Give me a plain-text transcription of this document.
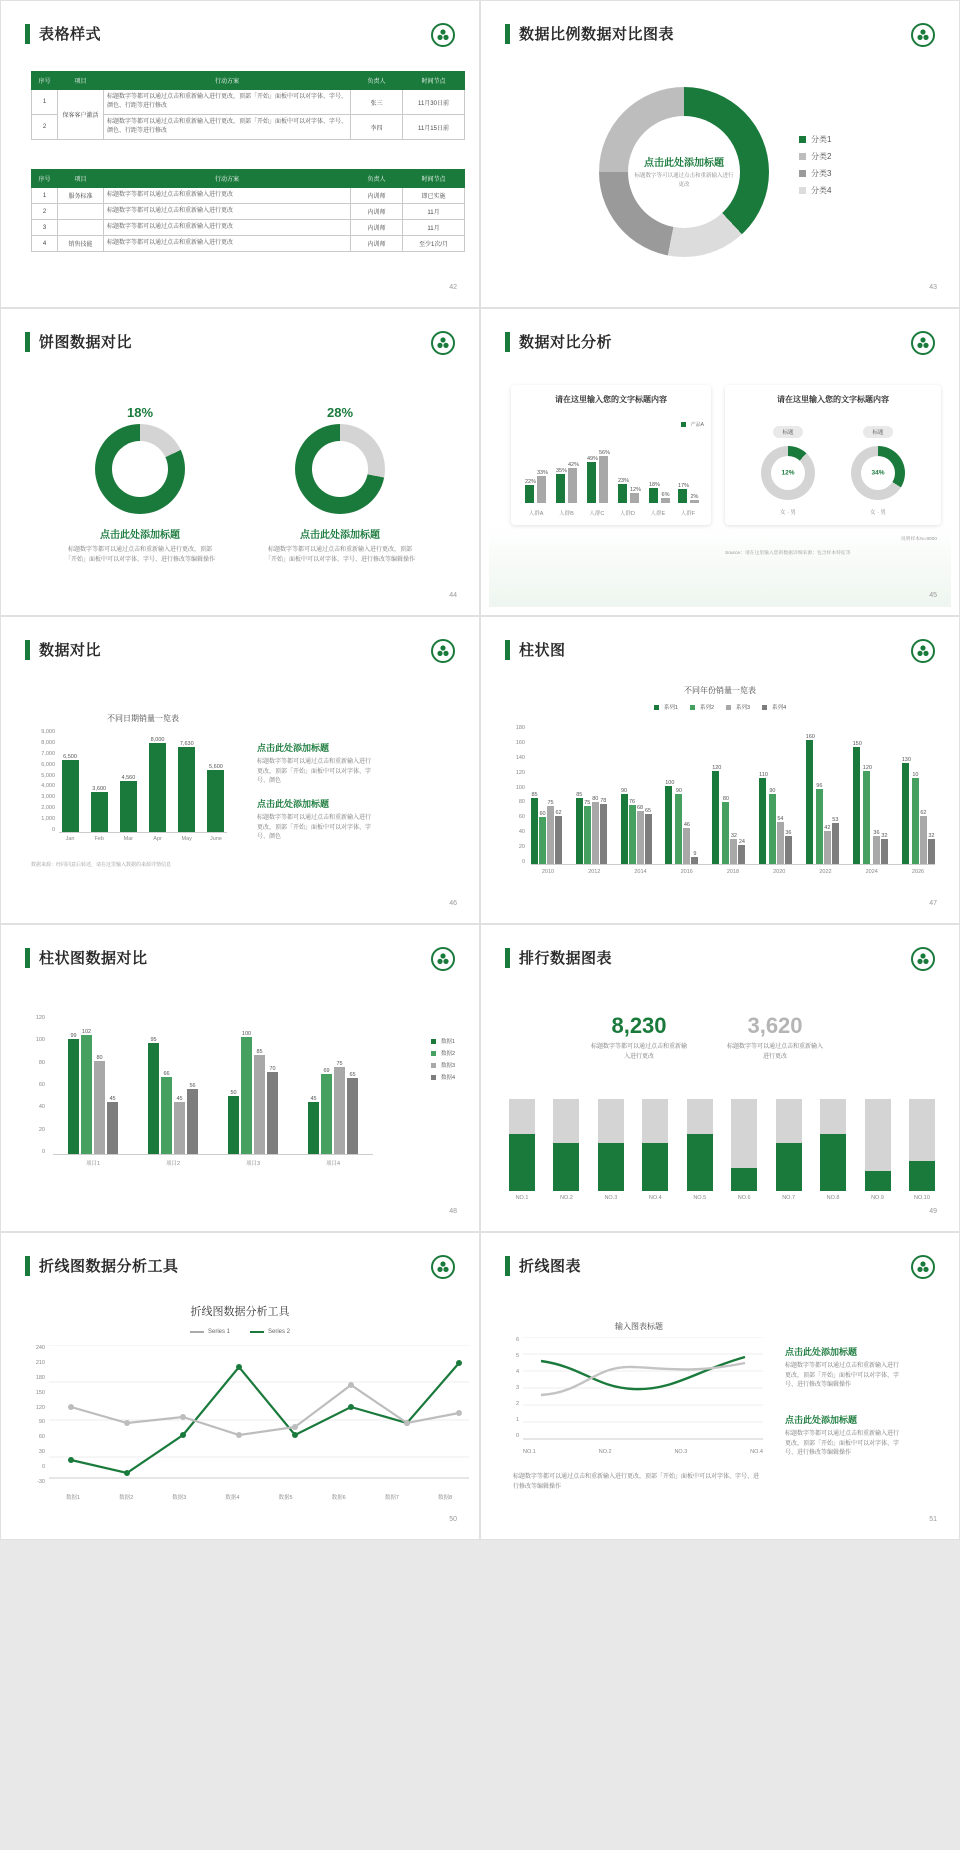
表格样式
序号	项目	行动方案	负责人	时间节点
1	保客客户激活	标题数字等都可以通过点击和重新输入进行更改，顶部「开始」面板中可以对字体、字号、颜色、行距等进行修改	张三	11月30日前
2		标题数字等都可以通过点击和重新输入进行更改，顶部「开始」面板中可以对字体、字号、颜色、行距等进行修改	李四	11月15日前
序号	项目	行动方案	负责人	时间节点
1	服务标准	标题数字等都可以通过点击和重新输入进行更改	内训师	即已实施
2		标题数字等都可以通过点击和重新输入进行更改	内训师	11月
3		标题数字等都可以通过点击和重新输入进行更改	内训师	11月
4	销售技能	标题数字等都可以通过点击和重新输入进行更改	内训师	至少1次/月
42
数据比例数据对比图表
点击此处添加标题
标题数字等可以通过点击和重新输入进行更改
分类1
分类2
分类3
分类4
43
饼图数据对比
18%
点击此处添加标题
标题数字等都可以通过点击和重新输入进行更改，顶部「开始」面板中可以对字体、字号、进行修改等编辑操作
28%
点击此处添加标题
标题数字等都可以通过点击和重新输入进行更改，顶部「开始」面板中可以对字体、字号、进行修改等编辑操作
44
数据对比分析
请在这里输入您的文字标题内容
产品A
22%
33% 35%
42%
49%
56%
23%
12%
18%
6%
17%
2%
人群A	人群B	人群C	人群D	人群E	人群F
请在这里输入您的文字标题内容
标题
12%
女 · 男
标题
34%
女 · 男
说明样本N=9000
Source：请在这里输入您的数据详细来源；包含样本特征等
45
数据对比
不同日期销量一览表
9,000
8,000
7,000
6,000
5,000
4,000
3,000
2,000
1,000
0
6,500
3,600
4,560
8,000
7,630
5,600
Jan	Feb	Mar	Apr	May	June
数据来源：经同同意后转述，请在这里输入数据的来源详情信息
点击此处添加标题
标题数字等都可以通过点击和重新输入进行更改，顶部「开始」面板中可以对字体、字号、颜色
点击此处添加标题
标题数字等都可以通过点击和重新输入进行更改，顶部「开始」面板中可以对字体、字号、颜色
46
柱状图
不同年份销量一览表
系列1	系列2	系列3	系列4
180
160
140
120
100
80
60
40
20
0
85
60
75
62
85
75
80 78
90
76
68 65
100
90
46
9
120
80
32
24
110
90
54
36
160
96
42
53
150
120
36 32
130
10
62
32
2010	2012	2014	2016	2018	2020	2022	2024	2026
47
柱状图数据对比
120
100
80
60
40
20
0
99
102
80
45
95
66
45
56
50
100
85
70
45
69
75
65
项目1	项目2	项目3	项目4
数据1
数据2
数据3
数据4
48
排行数据图表
8,230
标题数字等都可以通过点击和重新输入进行更改
3,620
标题数字等可以通过点击和重新输入进行更改
NO.1	NO.2	NO.3	NO.4	NO.5	NO.6	NO.7	NO.8	NO.9	NO.10
49
折线图数据分析工具
折线图数据分析工具
Series 1	Series 2
240
210
180
150
120
90
60
30
0
-30
数据1	数据2	数据3	数据4	数据5	数据6	数据7	数据8
50
折线图表
输入图表标题
6
5
4
3
2
1
0
NO.1	NO.2	NO.3	NO.4
标题数字等都可以通过点击和重新输入进行更改，顶部「开始」面板中可以对字体、字号、进行修改等编辑操作
点击此处添加标题
标题数字等都可以通过点击和重新输入进行更改，顶部「开始」面板中可以对字体、字号、进行修改等编辑操作
点击此处添加标题
标题数字等都可以通过点击和重新输入进行更改，顶部「开始」面板中可以对字体、字号、进行修改等编辑操作
51
